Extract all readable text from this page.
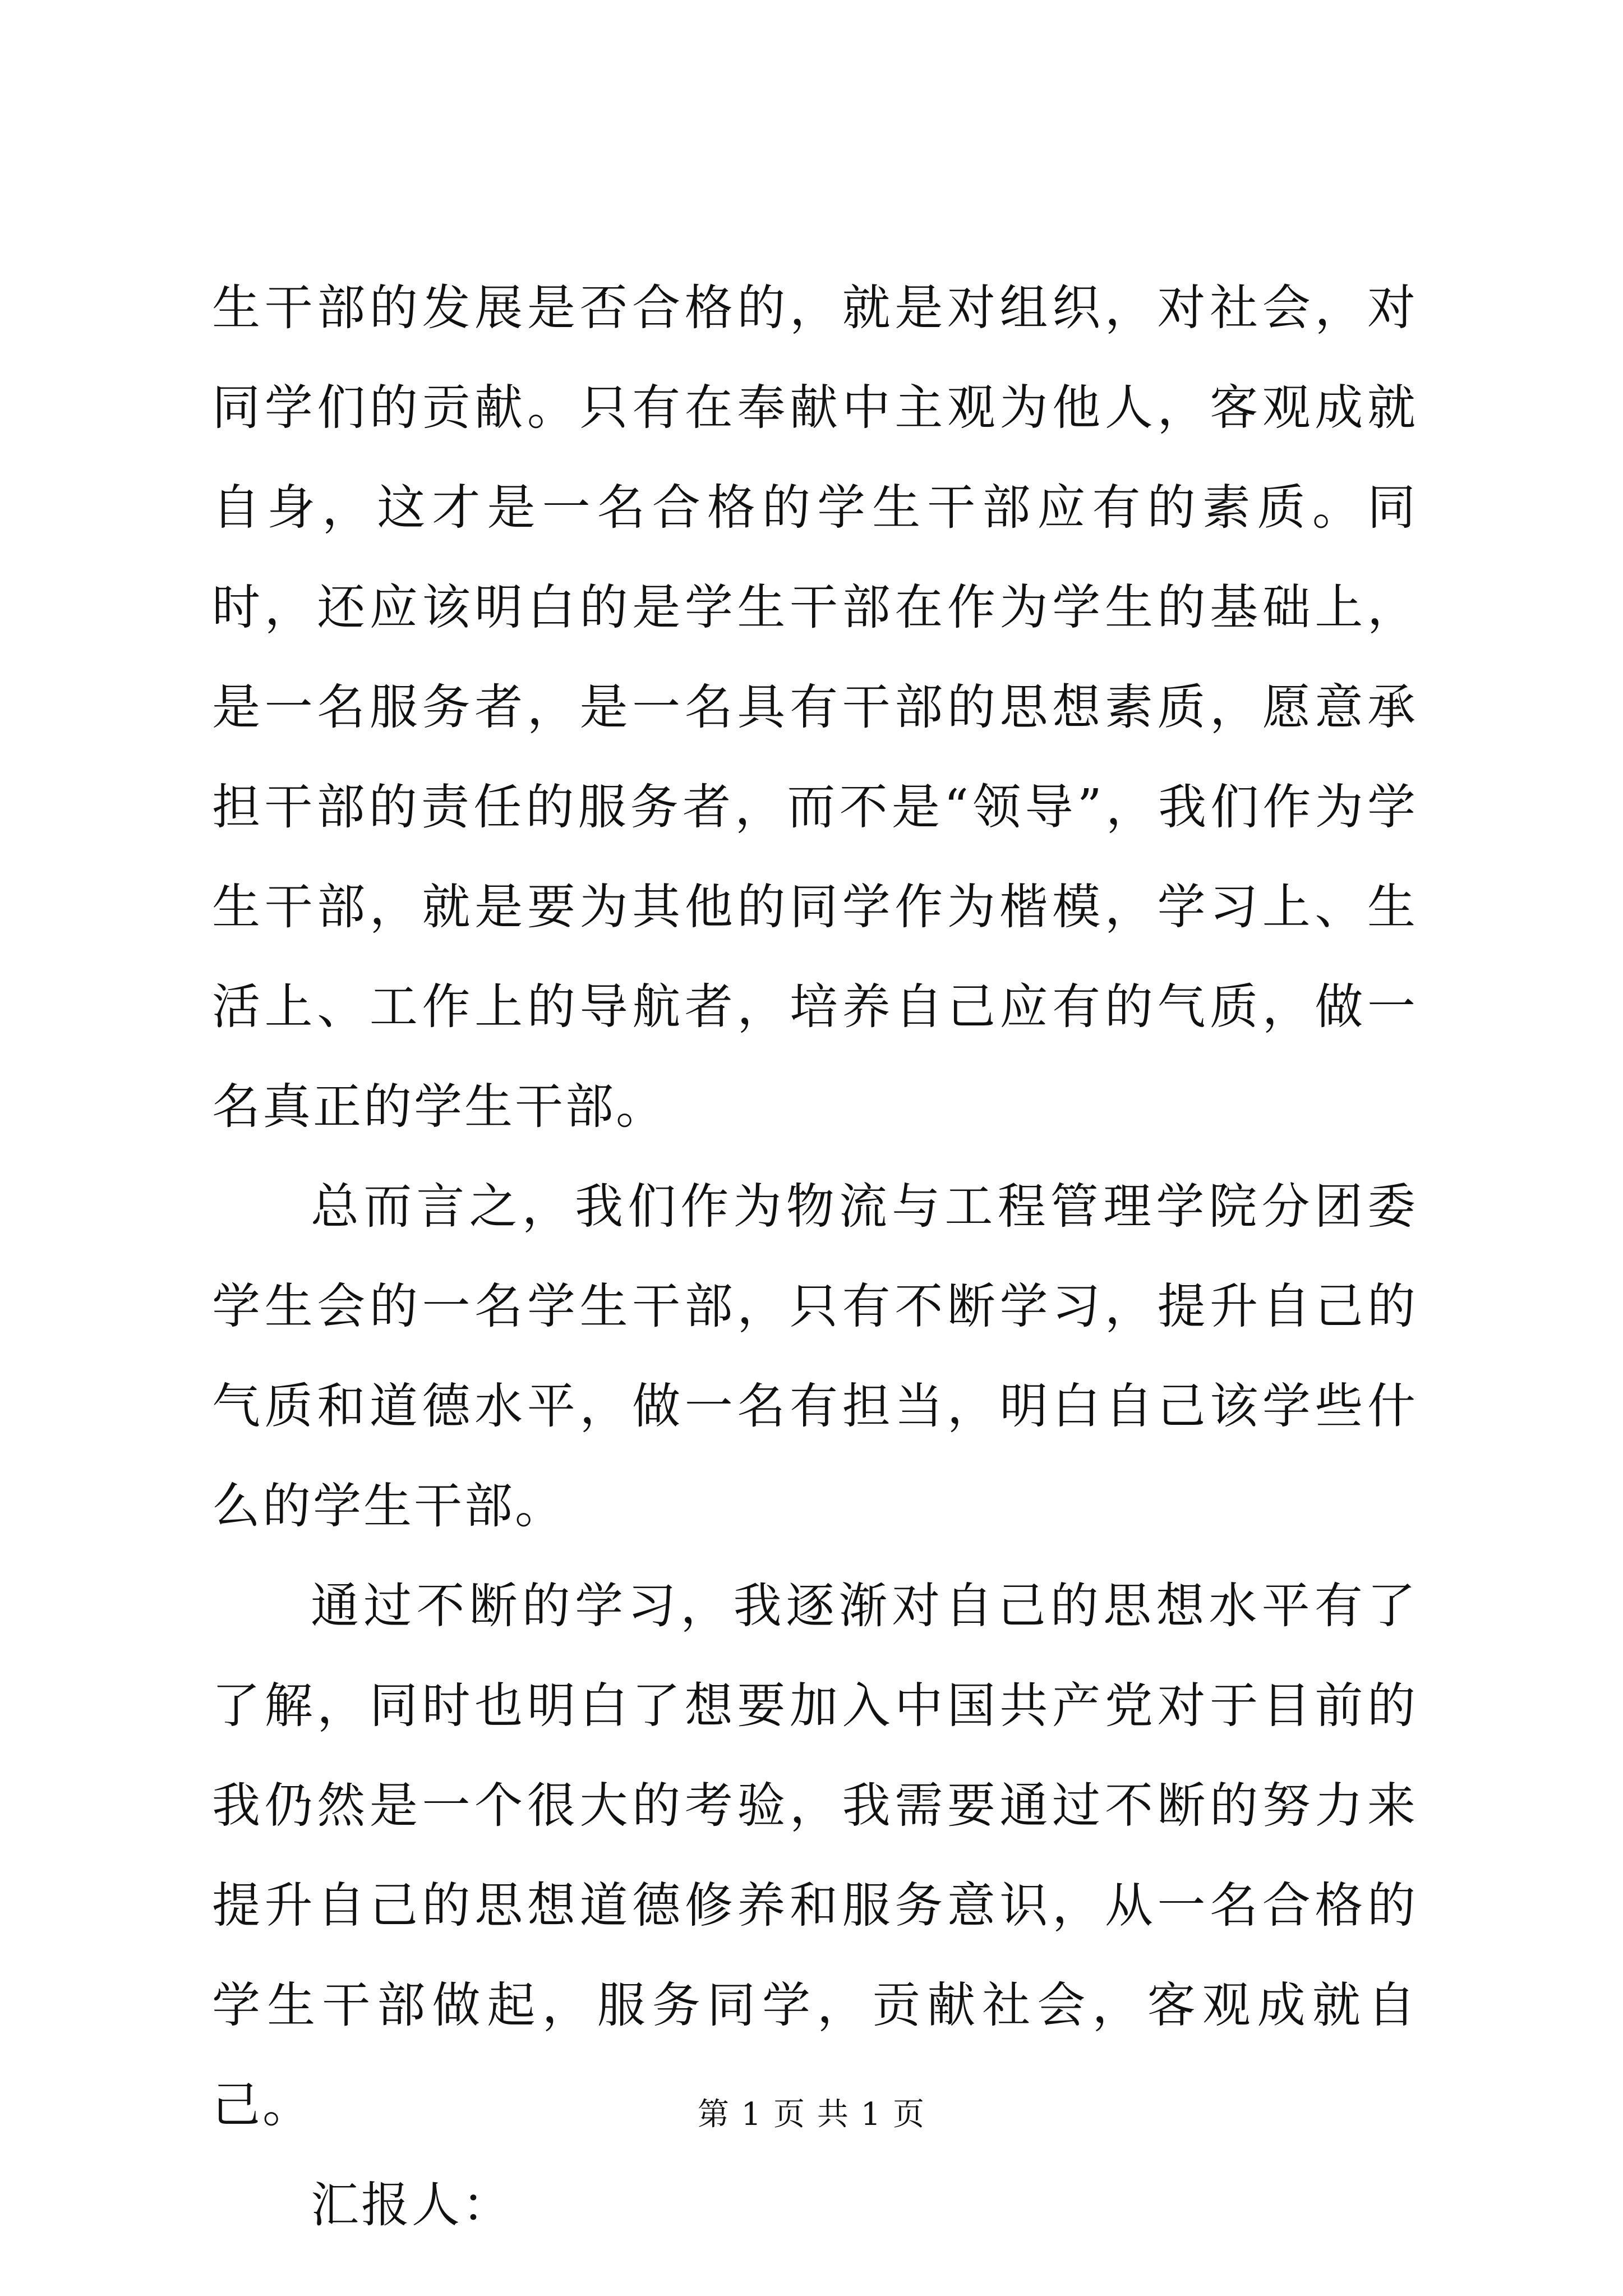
生干部的发展是否合格的，就是对组织，对社会，对同学们的贡献。只有在奉献中主观为他人，客观成就自身，这才是一名合格的学生干部应有的素质。同时，还应该明白的是学生干部在作为学生的基础上，是一名服务者，是一名具有干部的思想素质，愿意承担干部的责任的服务者，而不是“领导”，我们作为学生干部，就是要为其他的同学作为楷模，学习上、生活上、工作上的导航者，培养自己应有的气质，做一名真正的学生干部。

总而言之，我们作为物流与工程管理学院分团委学生会的一名学生干部，只有不断学习，提升自己的气质和道德水平，做一名有担当，明白自己该学些什么的学生干部。

通过不断的学习，我逐渐对自己的思想水平有了了解，同时也明白了想要加入中国共产党对于目前的我仍然是一个很大的考验，我需要通过不断的努力来提升自己的思想道德修养和服务意识，从一名合格的学生干部做起，服务同学，贡献社会，客观成就自己。

汇报人：

第 1 页 共 1 页
